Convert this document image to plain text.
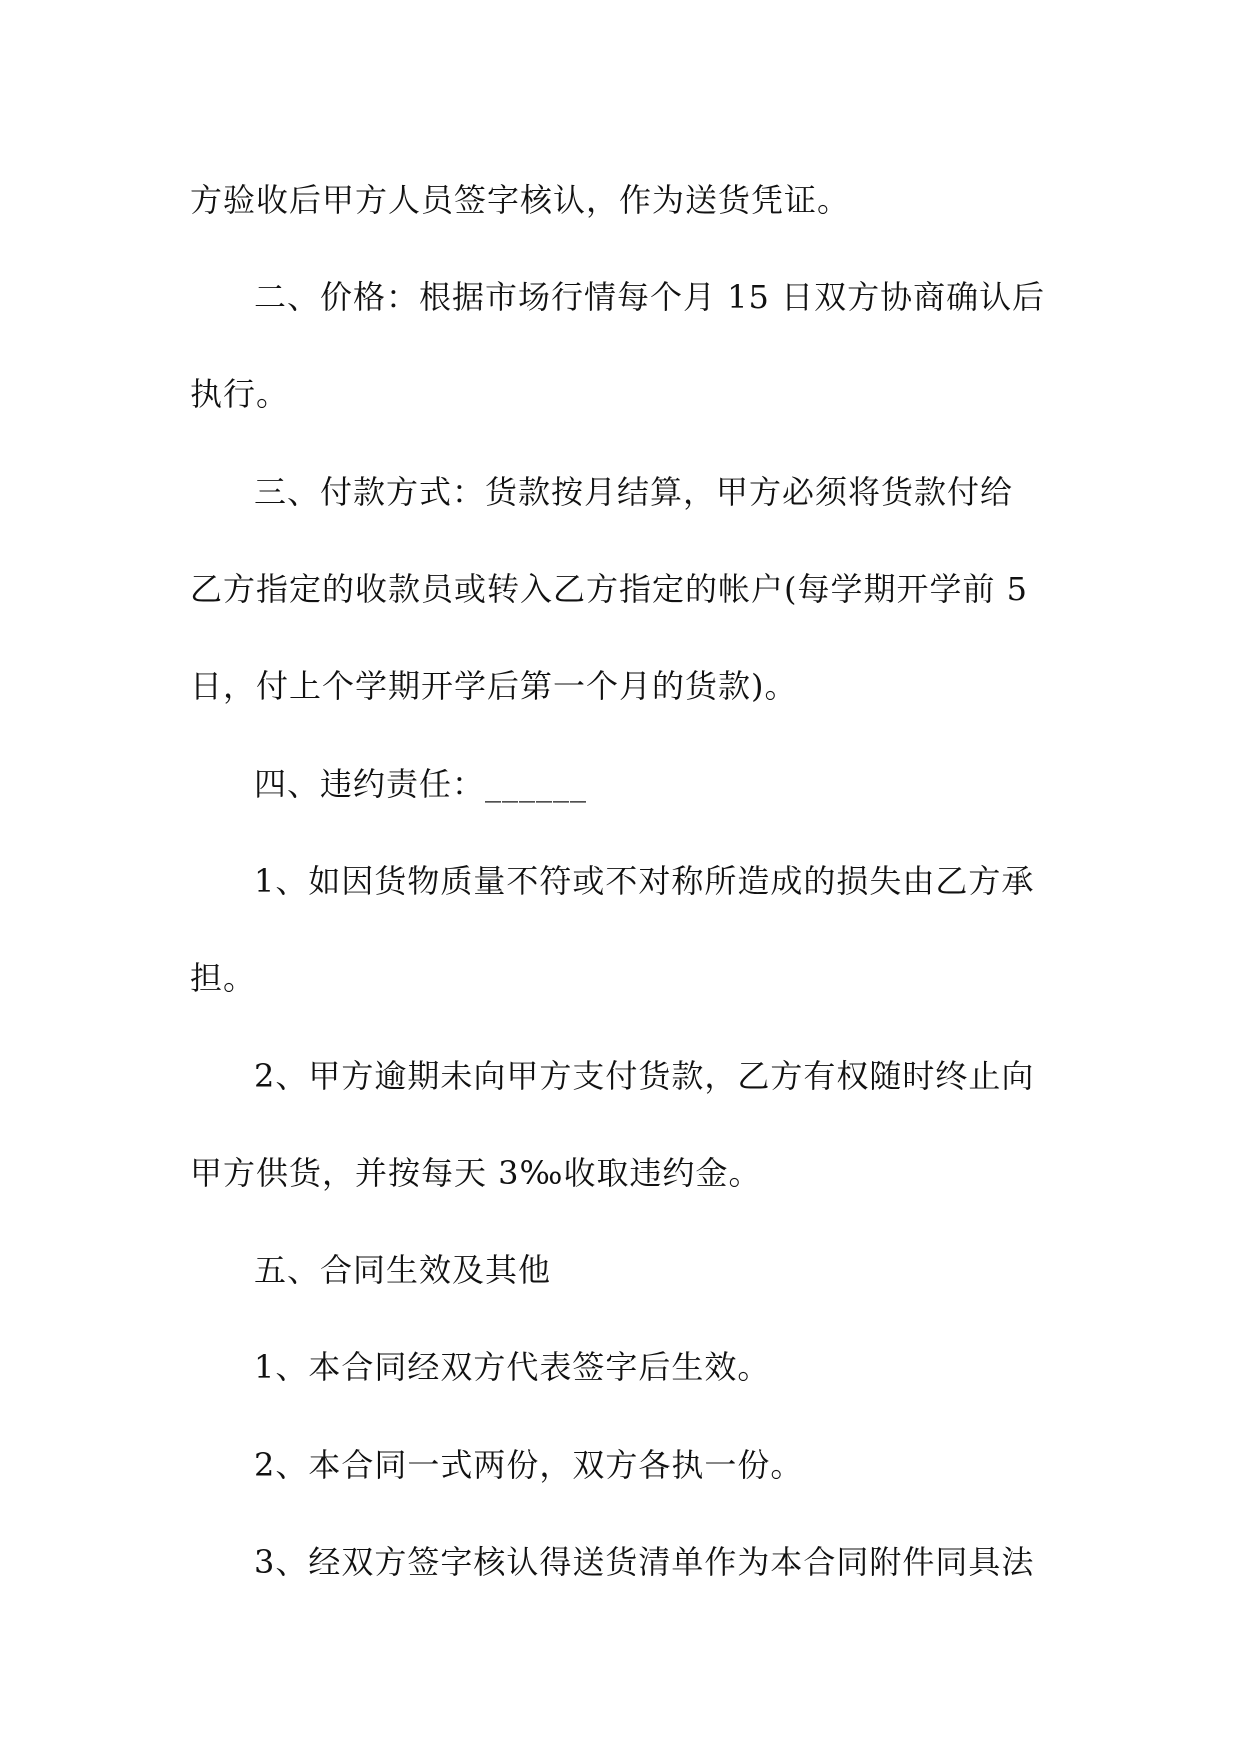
方验收后甲方人员签字核认，作为送货凭证。
二、价格：根据市场行情每个月 15 日双方协商确认后
执行。
三、付款方式：货款按月结算，甲方必须将货款付给
乙方指定的收款员或转入乙方指定的帐户(每学期开学前 5
日，付上个学期开学后第一个月的货款)。
四、违约责任：______
1、如因货物质量不符或不对称所造成的损失由乙方承
担。
2、甲方逾期未向甲方支付货款，乙方有权随时终止向
甲方供货，并按每天 3‰收取违约金。
五、合同生效及其他
1、本合同经双方代表签字后生效。
2、本合同一式两份，双方各执一份。
3、经双方签字核认得送货清单作为本合同附件同具法
